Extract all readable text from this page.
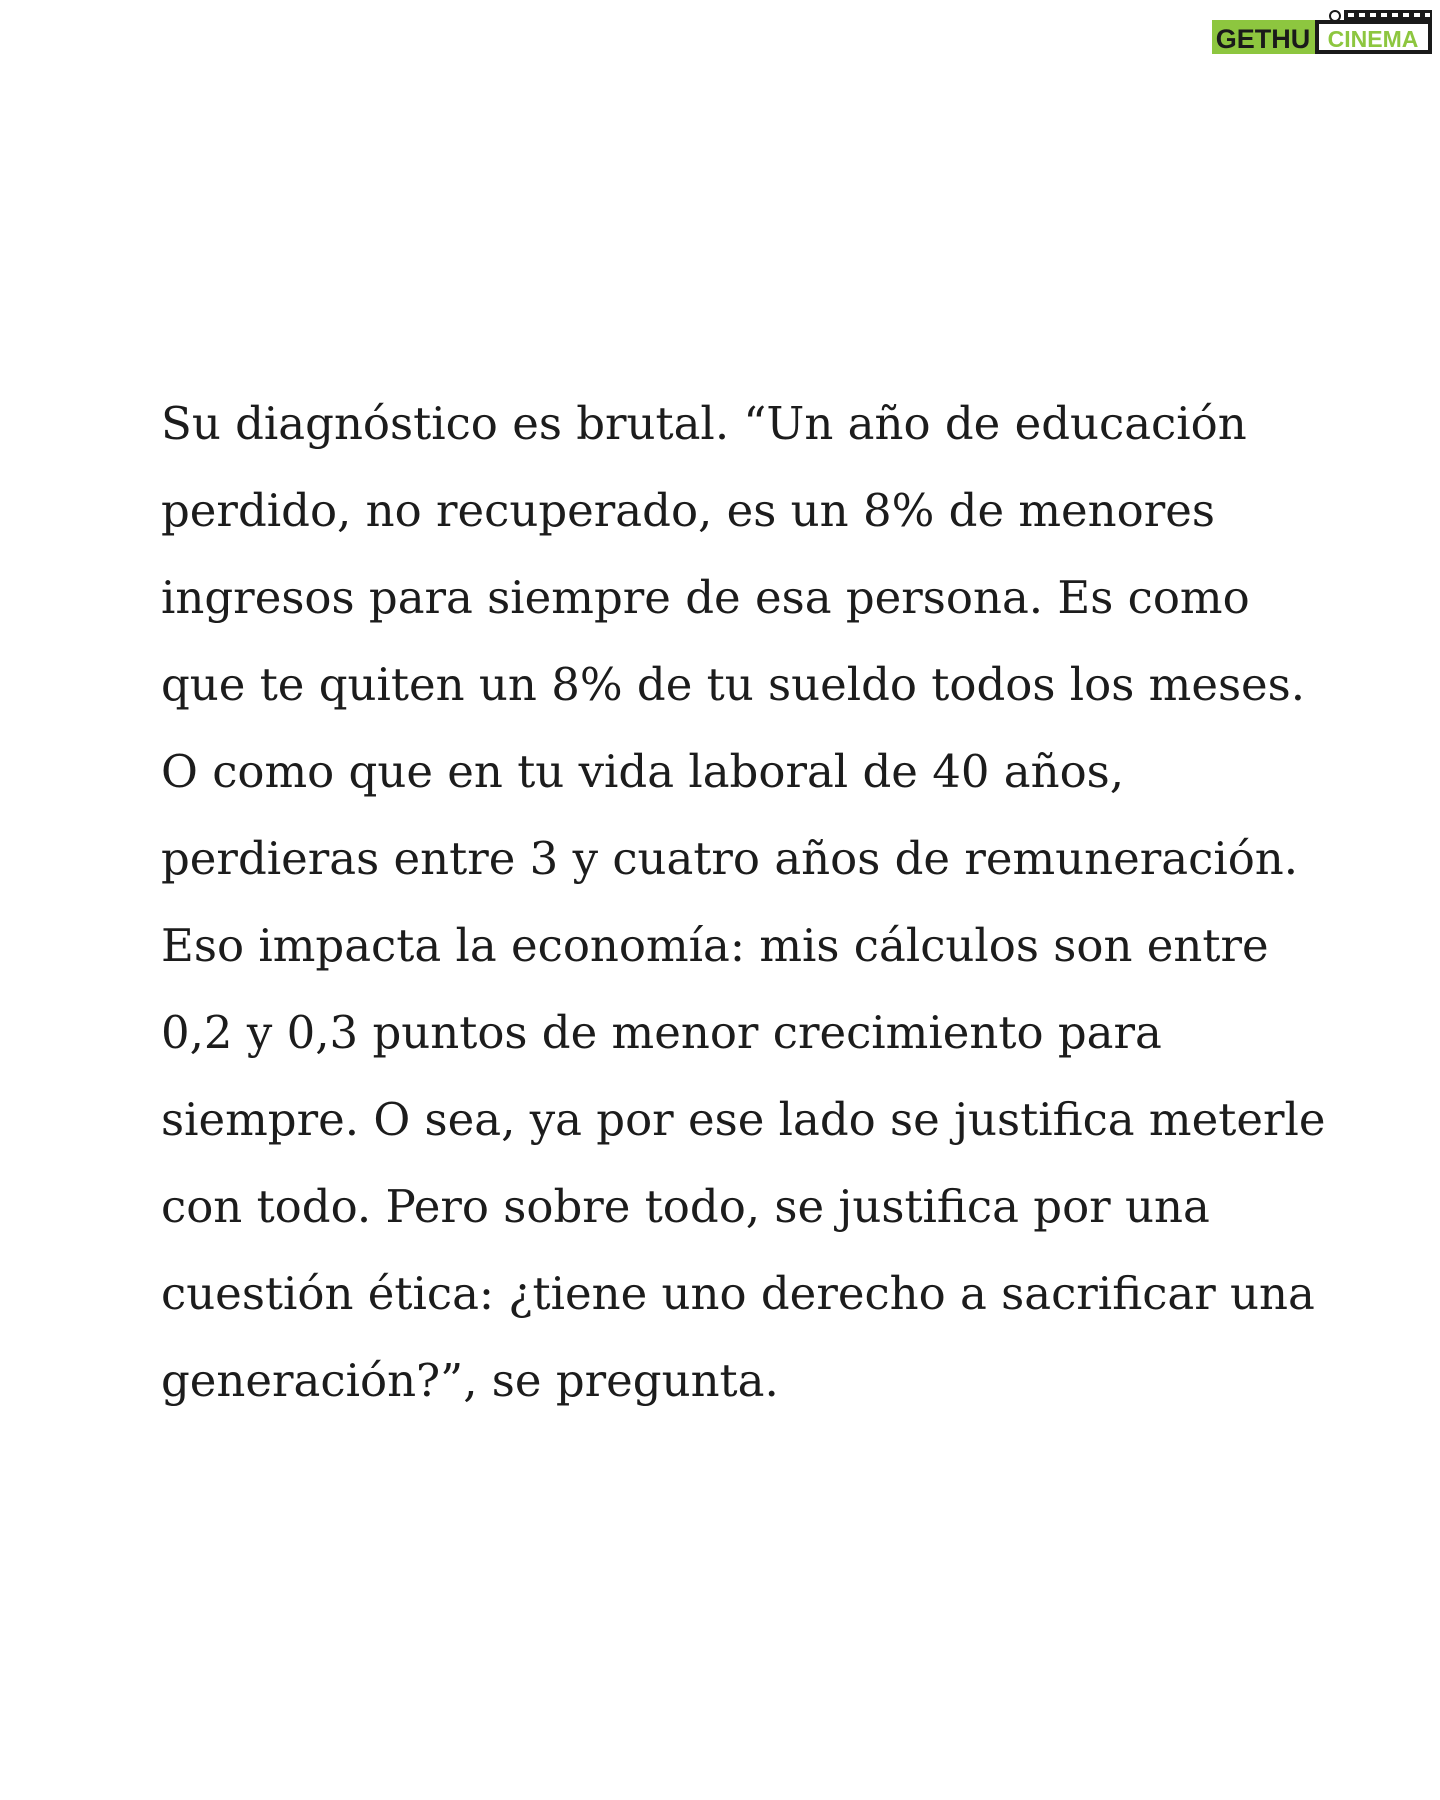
GETHU CINEMA

Su diagnóstico es brutal. “Un año de educación
perdido, no recuperado, es un 8% de menores
ingresos para siempre de esa persona. Es como
que te quiten un 8% de tu sueldo todos los meses.
O como que en tu vida laboral de 40 años,
perdieras entre 3 y cuatro años de remuneración.
Eso impacta la economía: mis cálculos son entre
0,2 y 0,3 puntos de menor crecimiento para
siempre. O sea, ya por ese lado se justifica meterle
con todo. Pero sobre todo, se justifica por una
cuestión ética: ¿tiene uno derecho a sacrificar una
generación?”, se pregunta.
